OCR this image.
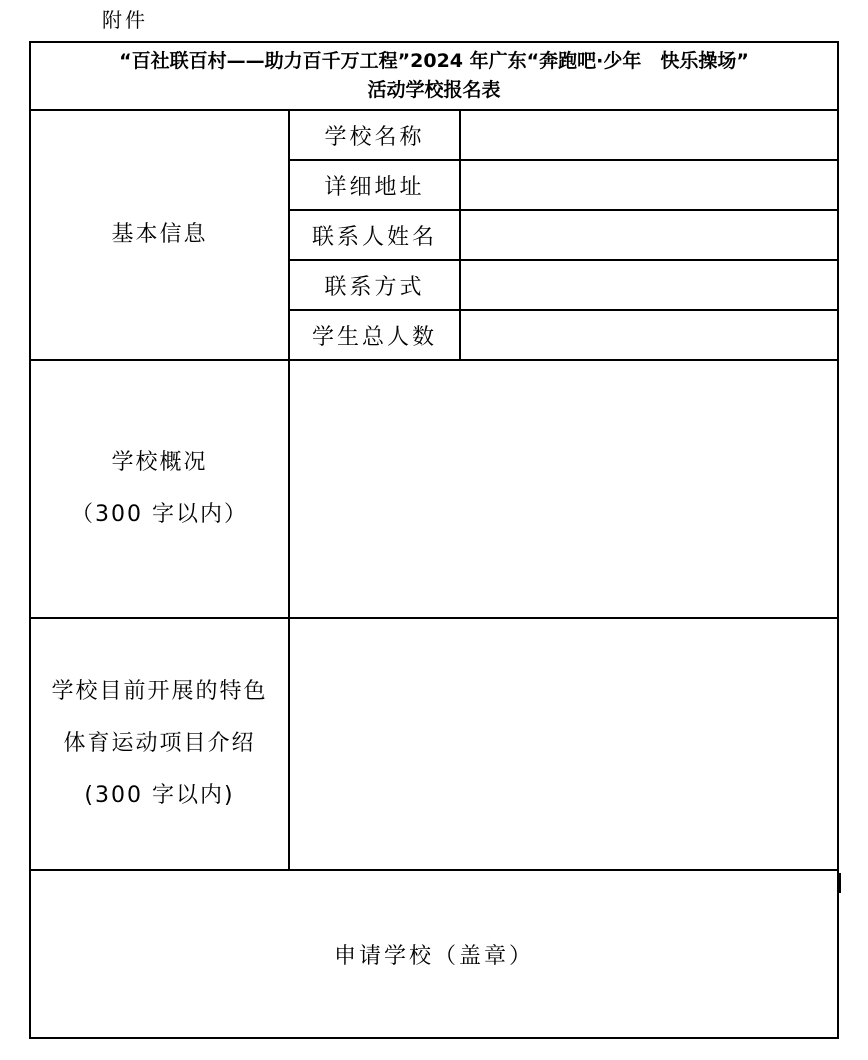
附件
“百社联百村——助力百千万工程”2024 年广东“奔跑吧·少年　快乐操场”
活动学校报名表		

基本信息	学校名称	
	详细地址	
	联系人姓名	
	联系方式	
	学生总人数	

学校概况
（300 字以内）		

学校目前开展的特色
体育运动项目介绍
(300 字以内)		

申请学校（盖章）		
